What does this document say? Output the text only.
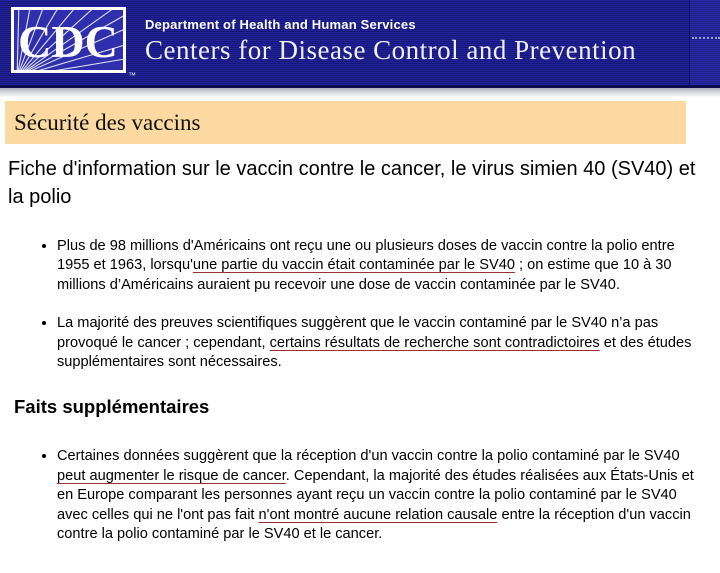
CDC
™
Department of Health and Human Services
Centers for Disease Control and Prevention
Sécurité des vaccins
Fiche d'information sur le vaccin contre le cancer, le virus simien 40 (SV40) et la polio
• Plus de 98 millions d'Américains ont reçu une ou plusieurs doses de vaccin contre la polio entre 1955 et 1963, lorsqu'une partie du vaccin était contaminée par le SV40 ; on estime que 10 à 30 millions d’Américains auraient pu recevoir une dose de vaccin contaminée par le SV40.
• La majorité des preuves scientifiques suggèrent que le vaccin contaminé par le SV40 n’a pas provoqué le cancer ; cependant, certains résultats de recherche sont contradictoires et des études supplémentaires sont nécessaires.
Faits supplémentaires
• Certaines données suggèrent que la réception d'un vaccin contre la polio contaminé par le SV40 peut augmenter le risque de cancer. Cependant, la majorité des études réalisées aux États-Unis et en Europe comparant les personnes ayant reçu un vaccin contre la polio contaminé par le SV40 avec celles qui ne l'ont pas fait n'ont montré aucune relation causale entre la réception d'un vaccin contre la polio contaminé par le SV40 et le cancer.
